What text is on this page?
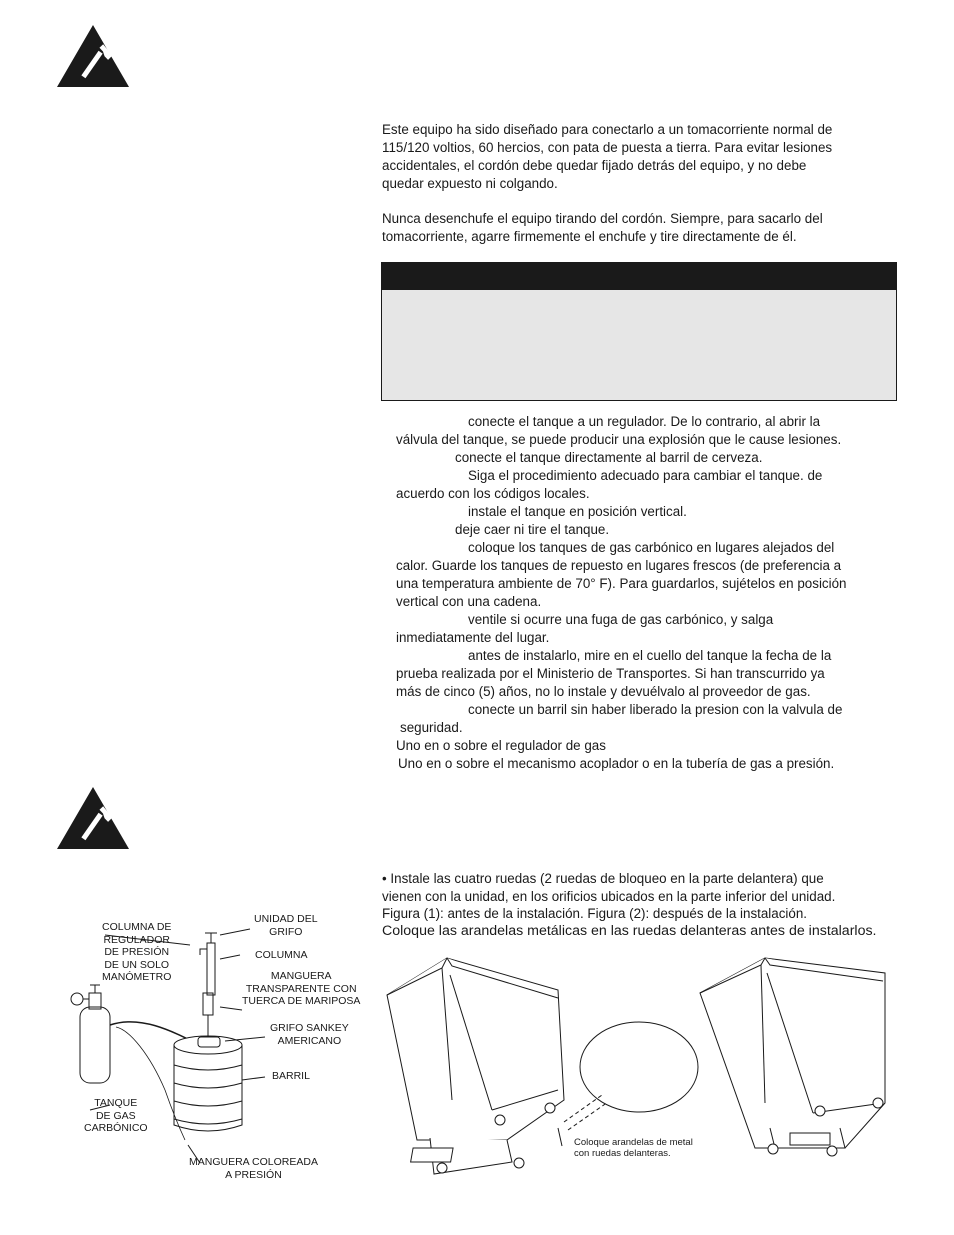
Este equipo ha sido diseñado para conectarlo a un tomacorriente normal de

115/120 voltios, 60 hercios, con pata de puesta a tierra. Para evitar lesiones

accidentales, el cordón debe quedar fijado detrás del equipo, y no debe

quedar expuesto ni colgando.

Nunca desenchufe el equipo tirando del cordón. Siempre, para sacarlo del

tomacorriente, agarre firmemente el enchufe y tire directamente de él.

conecte el tanque a un regulador. De lo contrario, al abrir la
válvula del tanque, se puede producir una explosión que le cause lesiones.
conecte el tanque directamente al barril de cerveza.
Siga el procedimiento adecuado para cambiar el tanque. de
acuerdo con los códigos locales.
instale el tanque en posición vertical.
deje caer ni tire el tanque.
coloque los tanques de gas carbónico en lugares alejados del
calor. Guarde los tanques de repuesto en lugares frescos (de preferencia a
una temperatura ambiente de 70° F). Para guardarlos, sujételos en posición
vertical con una cadena.
ventile si ocurre una fuga de gas carbónico, y salga
inmediatamente del lugar.
antes de instalarlo, mire en el cuello del tanque la fecha de la
prueba realizada por el Ministerio de Transportes. Si han transcurrido ya
más de cinco (5) años, no lo instale y devuélvalo al proveedor de gas.
conecte un barril sin haber liberado la presion con la valvula de
seguridad.
Uno en o sobre el regulador de gas
Uno en o sobre el mecanismo acoplador o en la tubería de gas a presión.
• Instale las cuatro ruedas (2 ruedas de bloqueo en la parte delantera) que
vienen con la unidad, en los orificios ubicados en la parte inferior del unidad.
Figura (1): antes de la instalación. Figura (2): después de la instalación.
Coloque las arandelas metálicas en las ruedas delanteras antes de instalarlos.
COLUMNA DE
REGULADOR
DE PRESIÓN
DE UN SOLO
MANÓMETRO
UNIDAD DEL
GRIFO
COLUMNA
MANGUERA
TRANSPARENTE CON
TUERCA DE MARIPOSA
GRIFO SANKEY
AMERICANO
BARRIL
TANQUE
DE GAS
CARBÓNICO
MANGUERA COLOREADA
A PRESIÓN
Coloque arandelas de metal
con ruedas delanteras.
